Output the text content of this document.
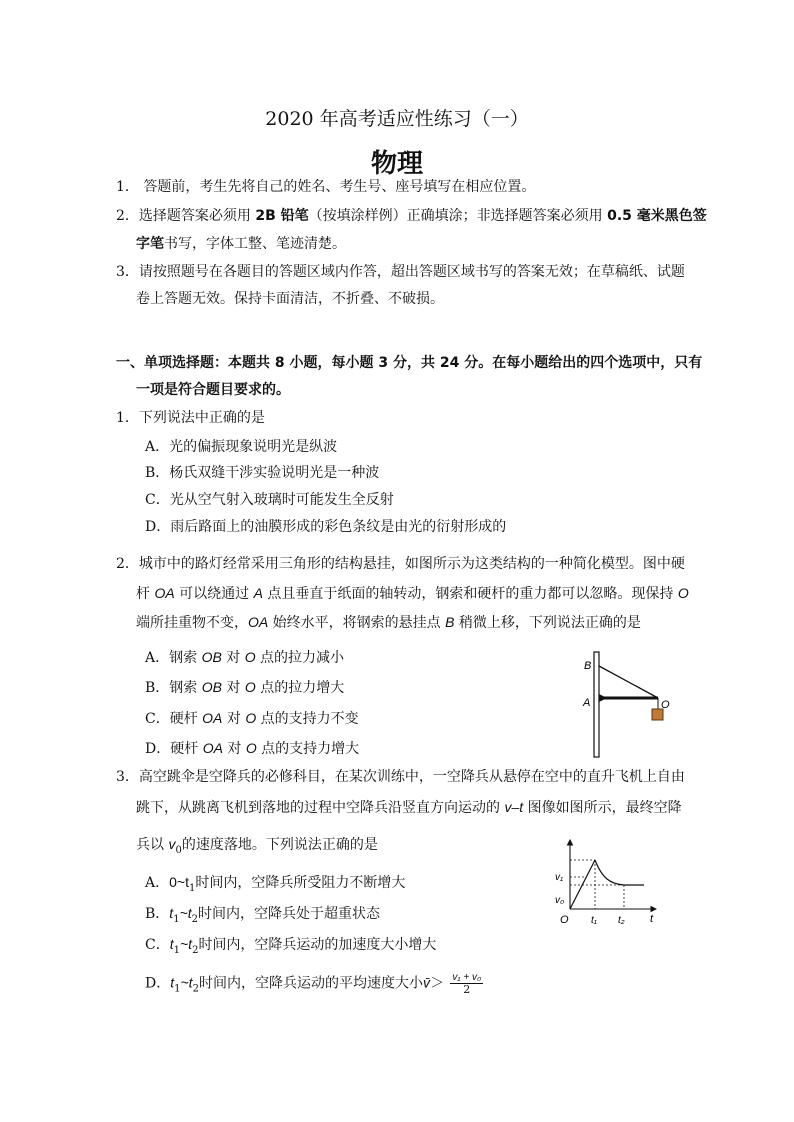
2020 年高考适应性练习（一）
物理
1． 答题前，考生先将自己的姓名、考生号、座号填写在相应位置。
2．选择题答案必须用 2B 铅笔（按填涂样例）正确填涂；非选择题答案必须用 0.5 毫米黑色签
字笔书写，字体工整、笔迹清楚。
3．请按照题号在各题目的答题区域内作答，超出答题区域书写的答案无效；在草稿纸、试题
卷上答题无效。保持卡面清洁，不折叠、不破损。
一、单项选择题：本题共 8 小题，每小题 3 分，共 24 分。在每小题给出的四个选项中，只有
一项是符合题目要求的。
1．下列说法中正确的是
A．光的偏振现象说明光是纵波
B．杨氏双缝干涉实验说明光是一种波
C．光从空气射入玻璃时可能发生全反射
D．雨后路面上的油膜形成的彩色条纹是由光的衍射形成的
2．城市中的路灯经常采用三角形的结构悬挂，如图所示为这类结构的一种简化模型。图中硬
杆 OA 可以绕通过 A 点且垂直于纸面的轴转动，钢索和硬杆的重力都可以忽略。现保持 O
端所挂重物不变，OA 始终水平，将钢索的悬挂点 B 稍微上移，下列说法正确的是
A．钢索 OB 对 O 点的拉力减小
B．钢索 OB 对 O 点的拉力增大
C．硬杆 OA 对 O 点的支持力不变
D．硬杆 OA 对 O 点的支持力增大
B
A	O
3．高空跳伞是空降兵的必修科目，在某次训练中，一空降兵从悬停在空中的直升飞机上自由
跳下，从跳离飞机到落地的过程中空降兵沿竖直方向运动的 v–t 图像如图所示，最终空降
兵以 $v_0$的速度落地。下列说法正确的是
A．$0\sim t_1$时间内，空降兵所受阻力不断增大
B．$t_1\sim t_2$时间内，空降兵处于超重状态
C．$t_1\sim t_2$时间内，空降兵运动的加速度大小增大
D．$t_1\sim t_2$时间内，空降兵运动的平均速度大小v̄＞ $\frac{\text{v₁ + v₀}}{2}$
v₁
v₀
O t₁ t₂ t
